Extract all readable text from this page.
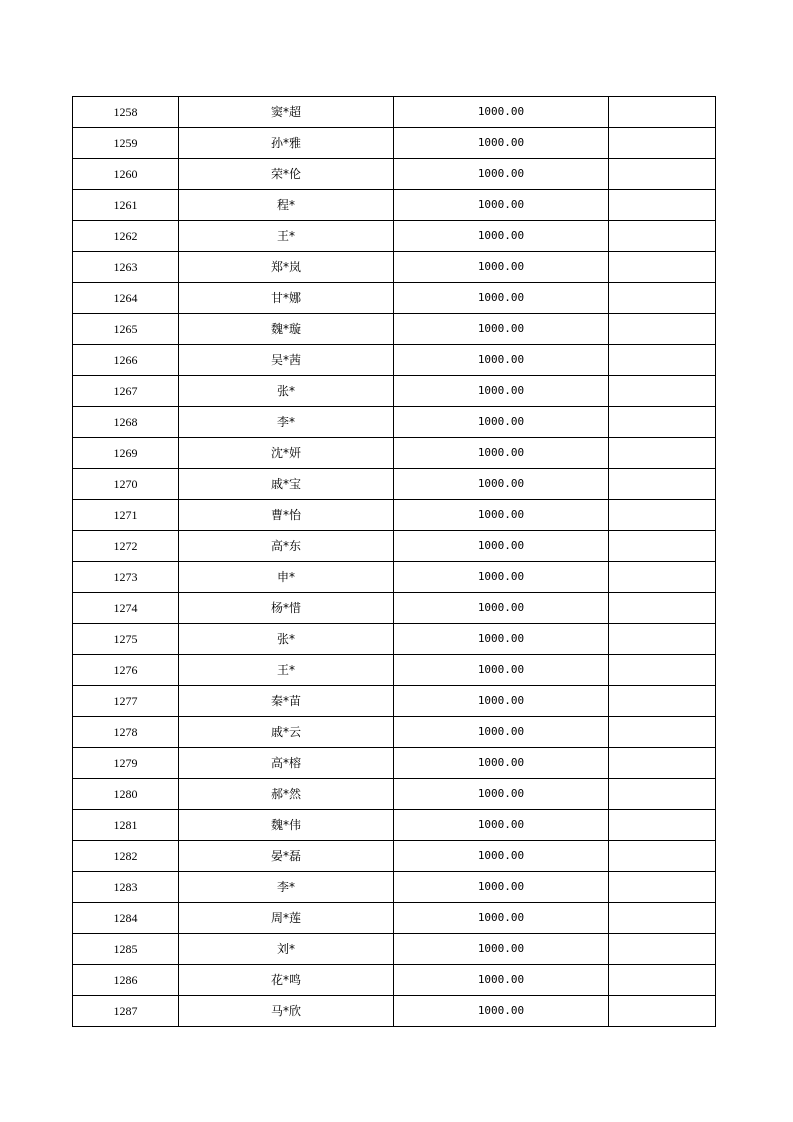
1258	窦*超	1000.00	
1259	孙*雅	1000.00	
1260	荣*伦	1000.00	
1261	程*	1000.00	
1262	王*	1000.00	
1263	郑*岚	1000.00	
1264	甘*娜	1000.00	
1265	魏*璇	1000.00	
1266	吴*茜	1000.00	
1267	张*	1000.00	
1268	李*	1000.00	
1269	沈*妍	1000.00	
1270	戚*宝	1000.00	
1271	曹*怡	1000.00	
1272	高*东	1000.00	
1273	申*	1000.00	
1274	杨*惜	1000.00	
1275	张*	1000.00	
1276	王*	1000.00	
1277	秦*苗	1000.00	
1278	戚*云	1000.00	
1279	高*榕	1000.00	
1280	郝*然	1000.00	
1281	魏*伟	1000.00	
1282	晏*磊	1000.00	
1283	李*	1000.00	
1284	周*莲	1000.00	
1285	刘*	1000.00	
1286	花*鸣	1000.00	
1287	马*欣	1000.00	
